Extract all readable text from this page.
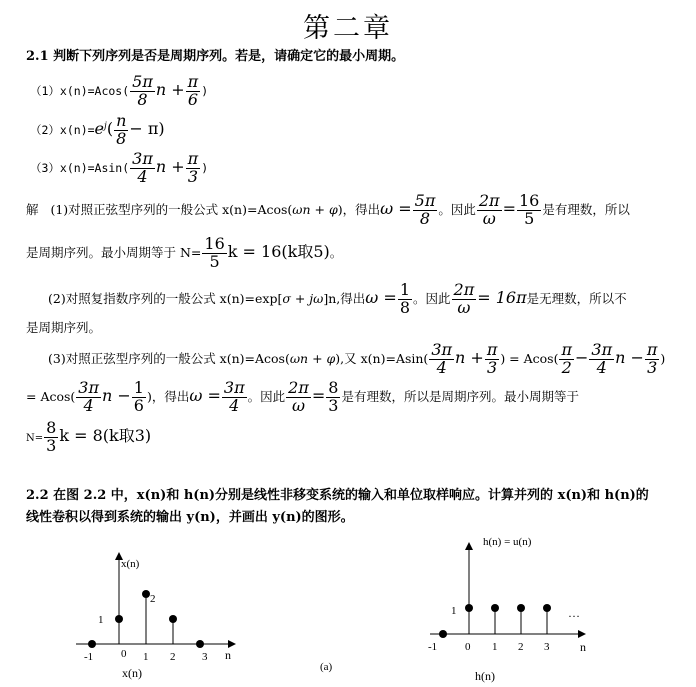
第二章
2.1 判断下列序列是否是周期序列。若是，请确定它的最小周期。
$(1)x(n)=Acos( \frac{5\pi}{8}$ $n + \frac{\pi}{6}$ )
$(2)x(n)=e^j( \frac{n}{8} - \pi)$
$(3)x(n)=Asin( \frac{3\pi}{4}$ $n + \frac{\pi}{3}$ )
解 (1)对照正弦型序列的一般公式 x(n)=Acos(ωn + φ)，得出$\omega = \frac{5\pi}{8}$ 。因此 $\frac{2\pi}{\omega} = \frac{16}{5}$ 是有理数，所以
是周期序列。最小周期等于 $N= \frac{16}{5}$ k = 16(k取5)。
(2)对照复指数序列的一般公式 x(n)=exp[σ + jω]n,得出$\omega = \frac{1}{8}$ 。因此 $\frac{2\pi}{\omega} = 16\pi$是无理数，所以不
是周期序列。
(3)对照正弦型序列的一般公式 x(n)=Acos(ωn + φ),又 $x(n)=Asin( \frac{3\pi}{4}$ $n + \frac{\pi}{3}$ ) = $Acos( \frac{\pi}{2} - \frac{3\pi}{4}$ $n - \frac{\pi}{3}$ )
= $Acos( \frac{3\pi}{4}$ $n - \frac{1}{6}$ )，得出$\omega = \frac{3\pi}{4}$ 。因此 $\frac{2\pi}{\omega} = \frac{8}{3}$ 是有理数，所以是周期序列。最小周期等于
$N= \frac{8}{3}$ k = 8(k取3)
2.2 在图 2.2 中，x(n)和 h(n)分别是线性非移变系统的输入和单位取样响应。计算并列的 x(n)和 h(n)的
线性卷积以得到系统的输出 y(n)，并画出 y(n)的图形。
x(n)
n
x(n)
-1	0 1 2 3
1
2
h(n) = u(n)
n
h(n)
-1	0 1 2 3
1	…
(a)
